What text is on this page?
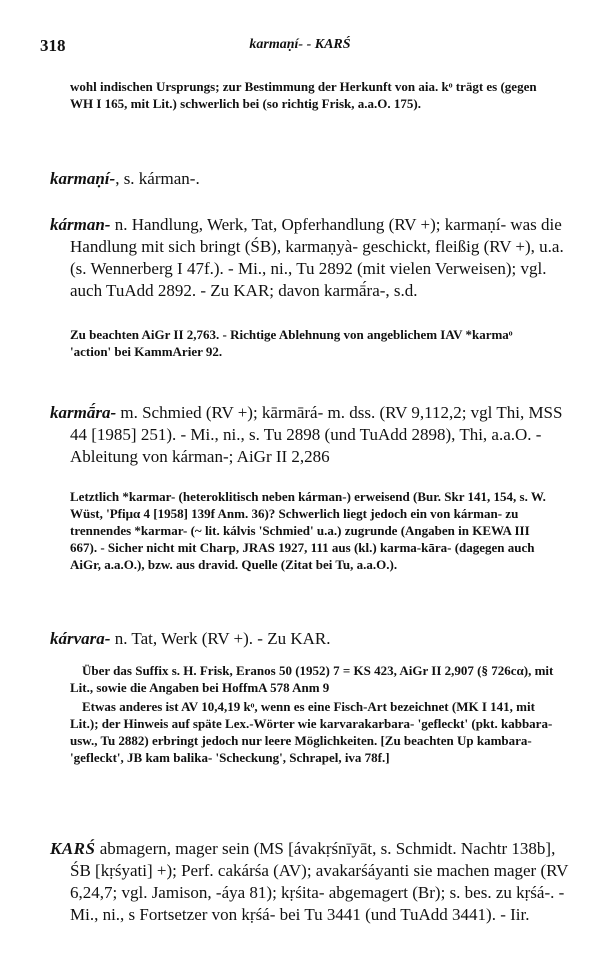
318	karmaṇí- - KARŚ

wohl indischen Ursprungs; zur Bestimmung der Herkunft von aia. kᵒ trägt es (gegen WH I 165, mit Lit.) schwerlich bei (so richtig Frisk, a.a.O. 175).

karmaṇí-, s. kárman-.

kárman- n. Handlung, Werk, Tat, Opferhandlung (RV +); karmaṇí- was die Handlung mit sich bringt (ŚB), karmaṇyà- geschickt, fleißig (RV +), u.a. (s. Wennerberg I 47f.). - Mi., ni., Tu 2892 (mit vielen Verweisen); vgl. auch TuAdd 2892. - Zu KAR; davon karmā́ra-, s.d.

Zu beachten AiGr II 2,763. - Richtige Ablehnung von angeblichem IAV *karmaᵒ 'action' bei KammArier 92.

karmā́ra- m. Schmied (RV +); kārmārá- m. dss. (RV 9,112,2; vgl Thi, MSS 44 [1985] 251). - Mi., ni., s. Tu 2898 (und TuAdd 2898), Thi, a.a.O. - Ableitung von kárman-; AiGr II 2,286

Letztlich *karmar- (heteroklitisch neben kárman-) erweisend (Bur. Skr 141, 154, s. W. Wüst, 'Pfiμα 4 [1958] 139f Anm. 36)? Schwerlich liegt jedoch ein von kárman- zu trennendes *karmar- (~ lit. kálvis 'Schmied' u.a.) zugrunde (Angaben in KEWA III 667). - Sicher nicht mit Charp, JRAS 1927, 111 aus (kl.) karma-kāra- (dagegen auch AiGr, a.a.O.), bzw. aus dravid. Quelle (Zitat bei Tu, a.a.O.).

kárvara- n. Tat, Werk (RV +). - Zu KAR.

Über das Suffix s. H. Frisk, Eranos 50 (1952) 7 = KS 423, AiGr II 2,907 (§ 726cα), mit Lit., sowie die Angaben bei HoffmA 578 Anm 9

Etwas anderes ist AV 10,4,19 kᵒ, wenn es eine Fisch-Art bezeichnet (MK I 141, mit Lit.); der Hinweis auf späte Lex.-Wörter wie karvarakarbara- 'gefleckt' (pkt. kabbara- usw., Tu 2882) erbringt jedoch nur leere Möglichkeiten. [Zu beachten Up kambara- 'gefleckt', JB kam balika- 'Scheckung', Schrapel, iva 78f.]

KARŚ abmagern, mager sein (MS [ávakṛśnīyāt, s. Schmidt. Nachtr 138b], ŚB [kṛśyati] +); Perf. cakárśa (AV); avakarśáyanti sie machen mager (RV 6,24,7; vgl. Jamison, -áya 81); kṛśita- abgemagert (Br); s. bes. zu kṛśá-. - Mi., ni., s Fortsetzer von kṛśá- bei Tu 3441 (und TuAdd 3441). - Iir.
